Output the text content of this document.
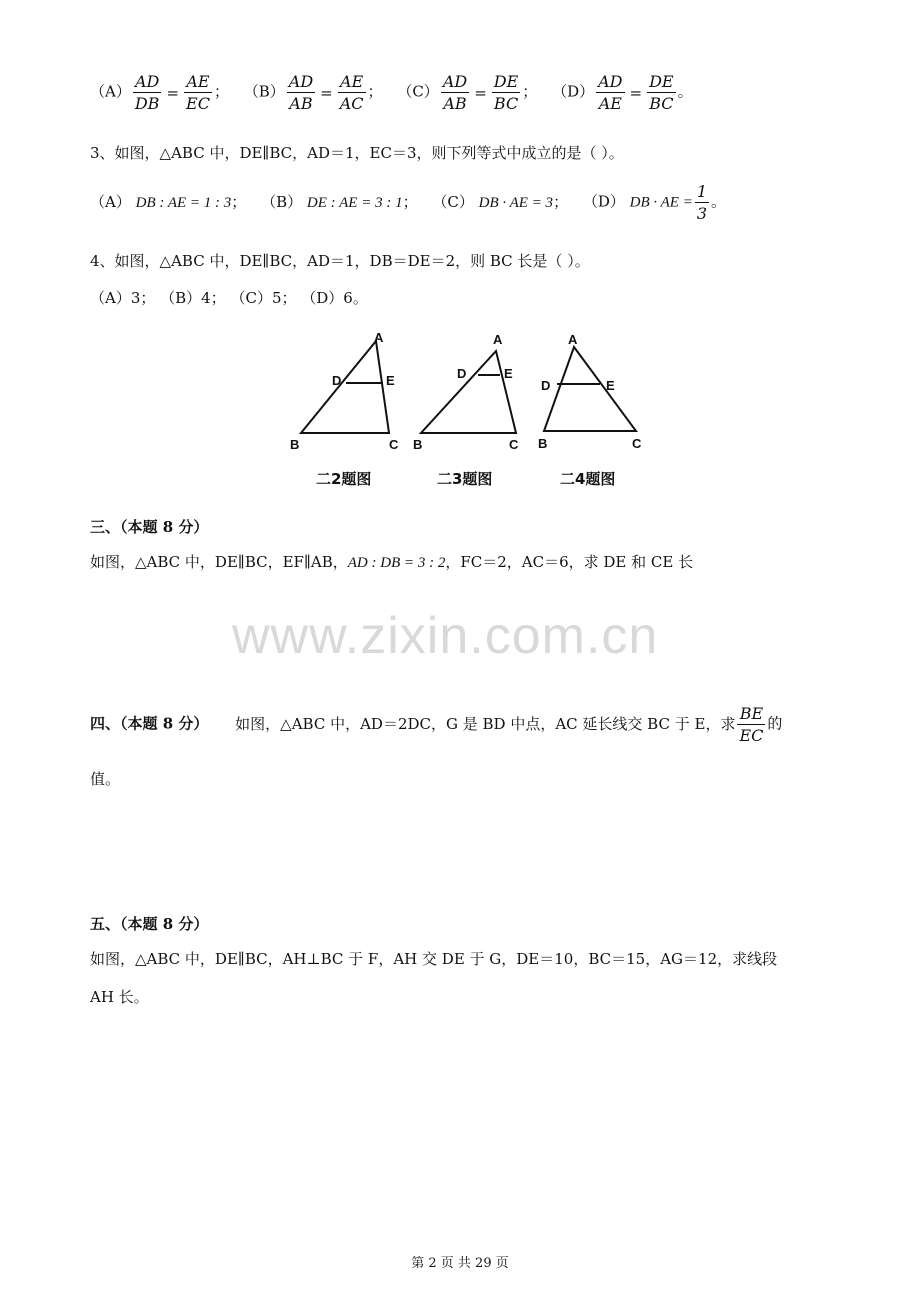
$(A) \frac{AD}{DB} = \frac{AE}{EC}$ ； $(B) \frac{AD}{AB} = \frac{AE}{AC}$ ； $(C) \frac{AD}{AB} = \frac{DE}{BC}$ ； $(D) \frac{AD}{AE} = \frac{DE}{BC}$ 。
3、如图，△ABC 中，DE∥BC，AD＝1，EC＝3，则下列等式中成立的是（ ）。
（A） DB : AE = 1 : 3； （B） DE : AE = 3 : 1； （C） DB · AE = 3； （D） DB · AE = $\frac{1}{3}$ 。
4、如图，△ABC 中，DE∥BC，AD＝1，DB＝DE＝2，则 BC 长是（ ）。
（A）3； （B）4； （C）5； （D）6。
A
D	E
B	C
A
D	E
B	C
A
D	E
B	C
二2题图	二3题图	二4题图
三、（本题 8 分）
如图，△ABC 中，DE∥BC，EF∥AB，AD : DB = 3 : 2，FC＝2，AC＝6，求 DE 和 CE 长
www.zixin.com.cn
四、（本题 8 分） 如图，△ABC 中，AD＝2DC，G 是 BD 中点，AC 延长线交 BC 于 E，求 $\frac{BE}{EC}$ 的
值。
五、（本题 8 分）
如图，△ABC 中，DE∥BC，AH⊥BC 于 F，AH 交 DE 于 G，DE＝10，BC＝15，AG＝12，求线段
AH 长。
第 2 页 共 29 页
